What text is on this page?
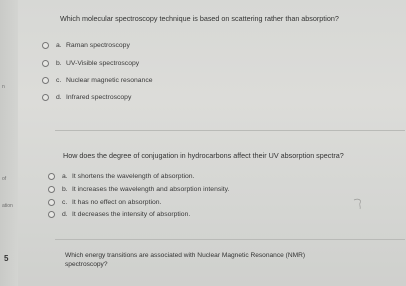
n
of
ation
Which molecular spectroscopy technique is based on scattering rather than absorption?
a. Raman spectroscopy
b. UV-Visible spectroscopy
c. Nuclear magnetic resonance
d. Infrared spectroscopy
How does the degree of conjugation in hydrocarbons affect their UV absorption spectra?
a. It shortens the wavelength of absorption.
b. It increases the wavelength and absorption intensity.
c. It has no effect on absorption.
d. It decreases the intensity of absorption.
5	Which energy transitions are associated with Nuclear Magnetic Resonance (NMR)
spectroscopy?
